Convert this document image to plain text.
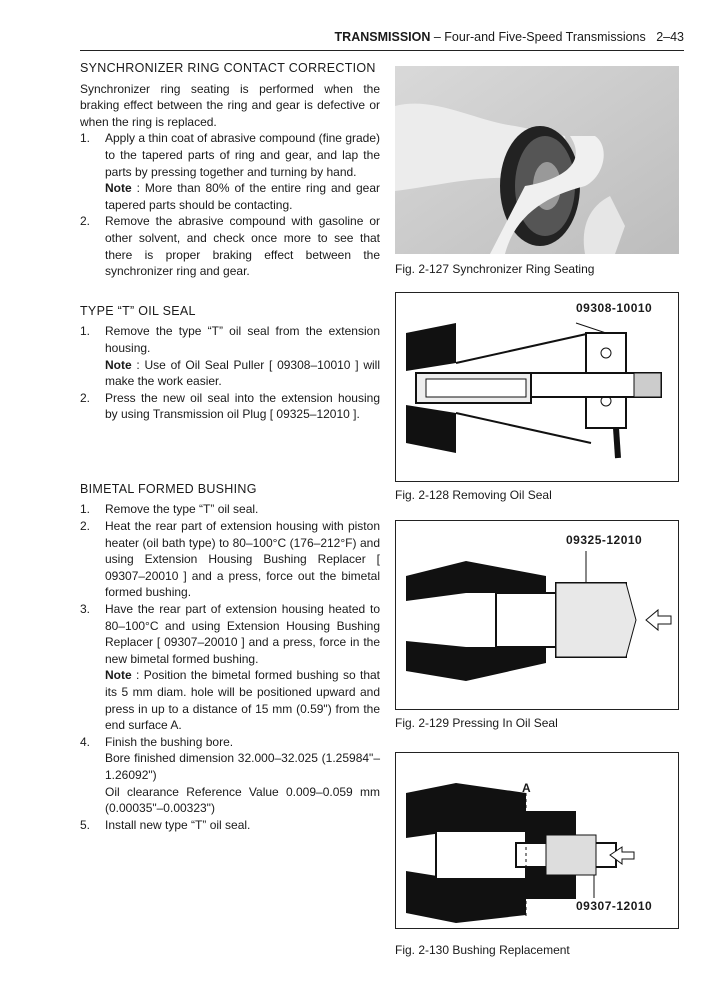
TRANSMISSION – Four-and Five-Speed Transmissions 2–43
SYNCHRONIZER RING CONTACT CORRECTION

Synchronizer ring seating is performed when the braking effect between the ring and gear is defective or when the ring is replaced.

1. Apply a thin coat of abrasive compound (fine grade) to the tapered parts of ring and gear, and lap the parts by pressing together and turning by hand.
Note : More than 80% of the entire ring and gear tapered parts should be contacting.
2. Remove the abrasive compound with gasoline or other solvent, and check once more to see that there is proper braking effect between the synchronizer ring and gear.
TYPE “T” OIL SEAL
1. Remove the type “T” oil seal from the extension housing.
Note : Use of Oil Seal Puller [ 09308–10010 ] will make the work easier.
2. Press the new oil seal into the extension housing by using Transmission oil Plug [ 09325–12010 ].
BIMETAL FORMED BUSHING
1. Remove the type “T” oil seal.
2. Heat the rear part of extension housing with piston heater (oil bath type) to 80–100°C (176–212°F) and using Extension Housing Bushing Replacer [ 09307–20010 ] and a press, force out the bimetal formed bushing.
3. Have the rear part of extension housing heated to 80–100°C and using Extension Housing Bushing Replacer [ 09307–20010 ] and a press, force in the new bimetal formed bushing.
Note : Position the bimetal formed bushing so that its 5 mm diam. hole will be positioned upward and press in up to a distance of 15 mm (0.59") from the end surface A.
4. Finish the bushing bore.
Bore finished dimension 32.000–32.025 (1.25984"–1.26092")
Oil clearance Reference Value 0.009–0.059 mm (0.00035"–0.00323")
5. Install new type “T” oil seal.
Fig. 2-127 Synchronizer Ring Seating
09308-10010
Fig. 2-128 Removing Oil Seal
09325-12010
Fig. 2-129 Pressing In Oil Seal
A
09307-12010
Fig. 2-130 Bushing Replacement
